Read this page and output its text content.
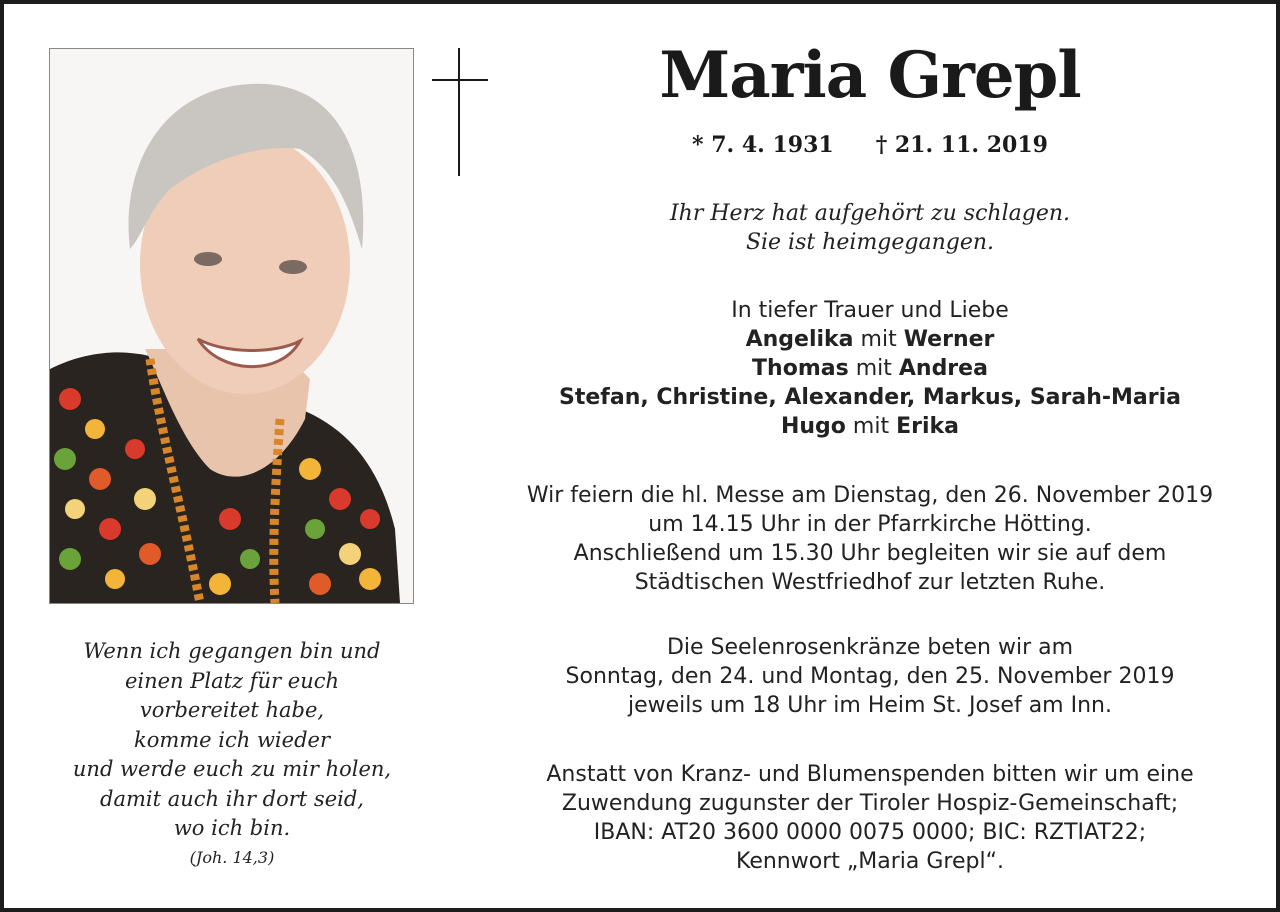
Maria Grepl
* 7. 4. 1931 † 21. 11. 2019
Ihr Herz hat aufgehört zu schlagen.
Sie ist heimgegangen.
In tiefer Trauer und Liebe
Angelika mit Werner
Thomas mit Andrea
Stefan, Christine, Alexander, Markus, Sarah-Maria
Hugo mit Erika
Wir feiern die hl. Messe am Dienstag, den 26. November 2019
um 14.15 Uhr in der Pfarrkirche Hötting.
Anschließend um 15.30 Uhr begleiten wir sie auf dem
Städtischen Westfriedhof zur letzten Ruhe.
Die Seelenrosenkränze beten wir am
Sonntag, den 24. und Montag, den 25. November 2019
jeweils um 18 Uhr im Heim St. Josef am Inn.
Anstatt von Kranz- und Blumenspenden bitten wir um eine
Zuwendung zugunster der Tiroler Hospiz-Gemeinschaft;
IBAN: AT20 3600 0000 0075 0000; BIC: RZTIAT22;
Kennwort „Maria Grepl“.
Wenn ich gegangen bin und
einen Platz für euch
vorbereitet habe,
komme ich wieder
und werde euch zu mir holen,
damit auch ihr dort seid,
wo ich bin.
(Joh. 14,3)
